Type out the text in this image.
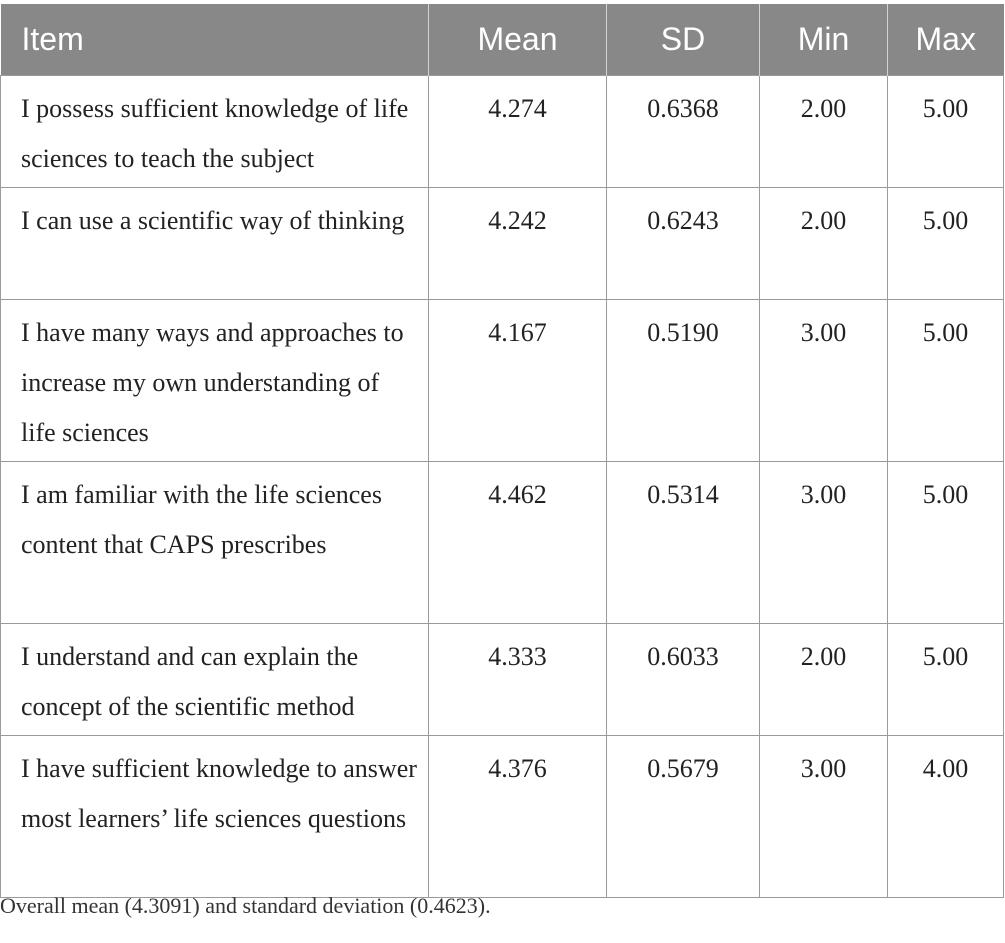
Item	Mean	SD	Min	Max
I possess sufficient knowledge of life sciences to teach the subject	4.274	0.6368	2.00	5.00
I can use a scientific way of thinking	4.242	0.6243	2.00	5.00
I have many ways and approaches to increase my own understanding of life sciences	4.167	0.5190	3.00	5.00
I am familiar with the life sciences content that CAPS prescribes	4.462	0.5314	3.00	5.00
I understand and can explain the concept of the scientific method	4.333	0.6033	2.00	5.00
I have sufficient knowledge to answer most learners’ life sciences questions	4.376	0.5679	3.00	4.00
Overall mean (4.3091) and standard deviation (0.4623).
